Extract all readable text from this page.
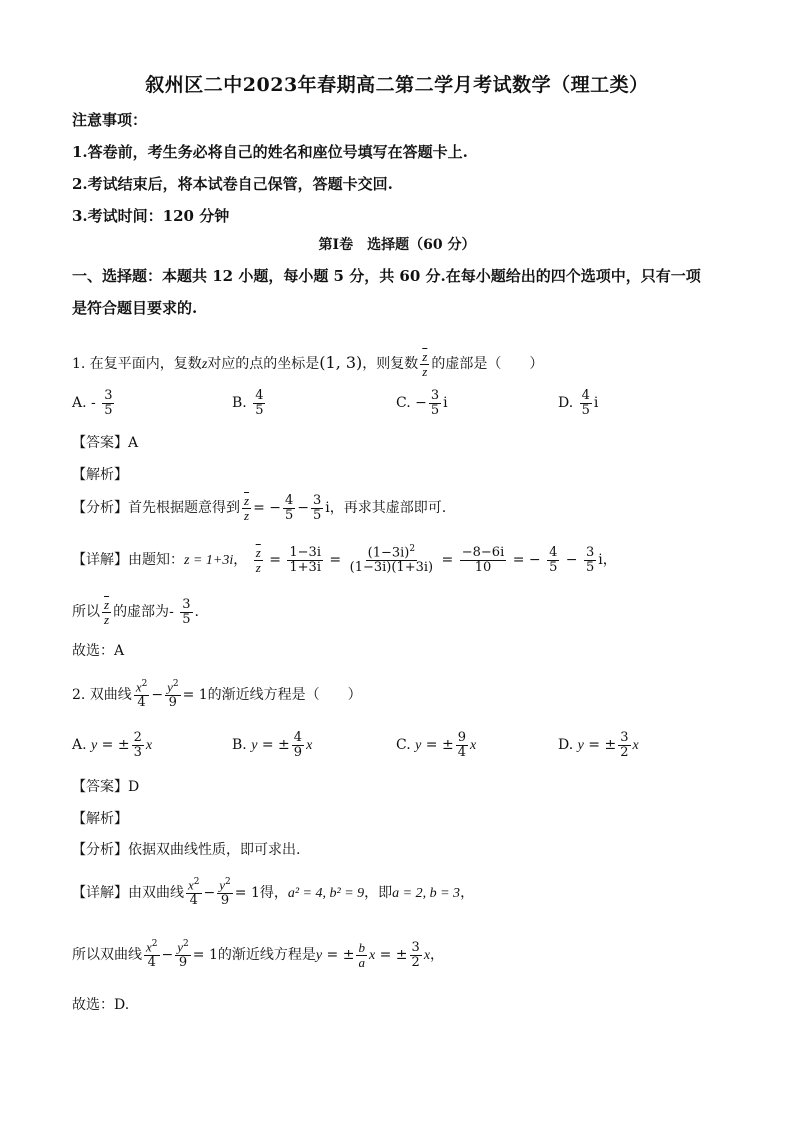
叙州区二中2023年春期高二第二学月考试数学（理工类）
注意事项：
1.答卷前，考生务必将自己的姓名和座位号填写在答题卡上.
2.考试结束后，将本试卷自己保管，答题卡交回.
3.考试时间：120 分钟
第Ⅰ卷　选择题（60 分）
一、选择题：本题共 12 小题，每小题 5 分，共 60 分.在每小题给出的四个选项中，只有一项
是符合题目要求的.
1. 在复平面内，复数z对应的点的坐标是(1, 3)，则复数 $\frac{\overline{z}}{z}$ 的虚部是（　　）
A. - $\frac{3}{5}$	B. $\frac{4}{5}$	C. − $\frac{3}{5}$ i	D. $\frac{4}{5}$ i
【答案】A
【解析】
【分析】首先根据题意得到 $\frac{\overline{z}}{z}$ = − $\frac{4}{5} - \frac{3}{5}$ i，再求其虚部即可.
【详解】由题知：z = 1+3i， $\frac{\overline{z}}{z} = \frac{1-3i}{1+3i} = \frac{(1-3i)^2}{(1-3i)(1+3i)} = \frac{-8-6i}{10}$ = − $\frac{4}{5} - \frac{3}{5}$ i，
所以 $\frac{\overline{z}}{z}$ 的虚部为- $\frac{3}{5}$ .
故选：A
2. 双曲线 $\frac{x^2}{4} - \frac{y^2}{9} = 1$的渐近线方程是（　　）
A. y = ± $\frac{2}{3}$ x	B. y = ± $\frac{4}{9}$ x	C. y = ± $\frac{9}{4}$ x	D. y = ± $\frac{3}{2}$ x
【答案】D
【解析】
【分析】依据双曲线性质，即可求出.
【详解】由双曲线 $\frac{x^2}{4} - \frac{y^2}{9} = 1$得，a² = 4, b² = 9，即a = 2, b = 3，
所以双曲线 $\frac{x^2}{4} - \frac{y^2}{9} = 1$的渐近线方程是y = ± $\frac{b}{a}$ x = ± $\frac{3}{2}$ x，
故选：D.
